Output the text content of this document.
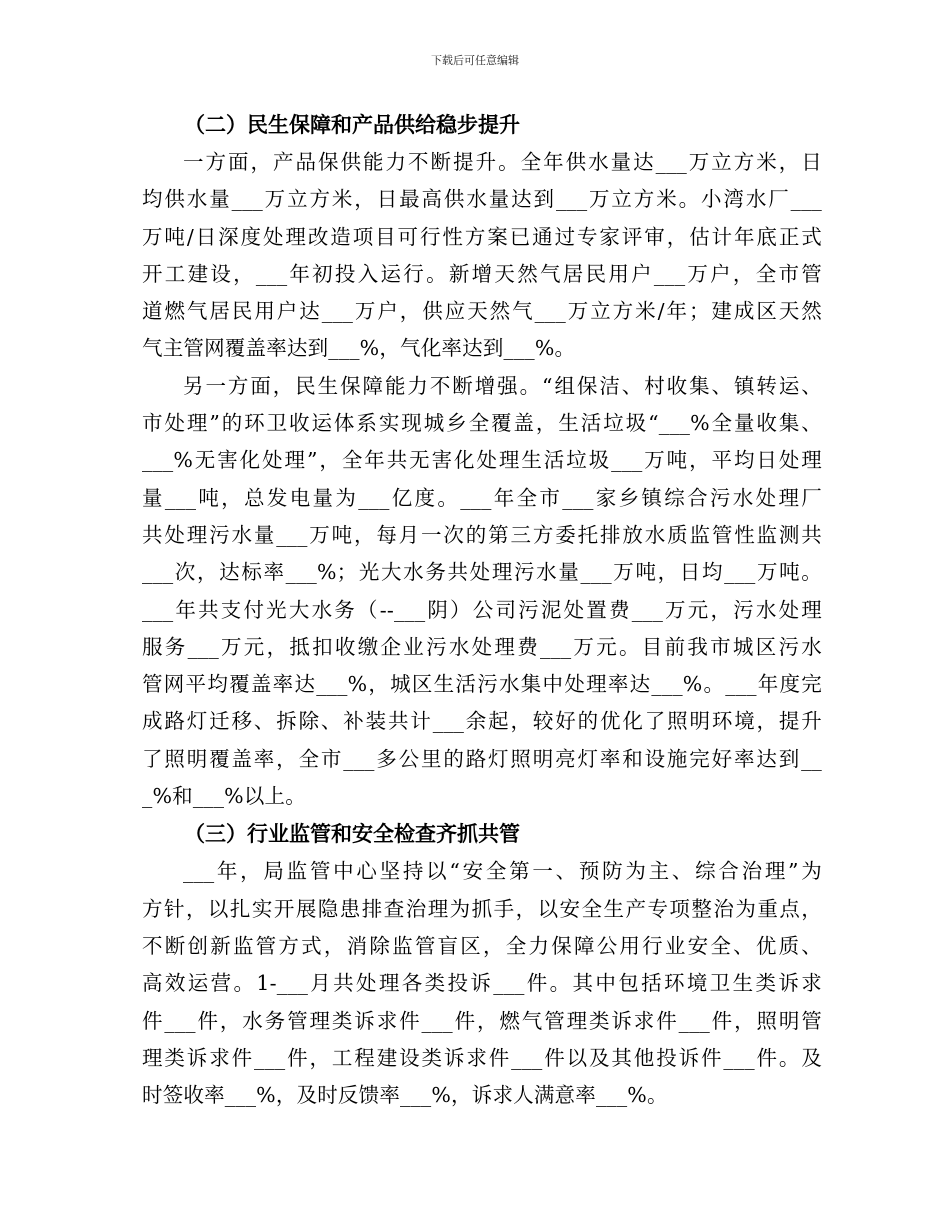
下载后可任意编辑

（二）民生保障和产品供给稳步提升

一方面，产品保供能力不断提升。全年供水量达___万立方米，日
均供水量___万立方米，日最高供水量达到___万立方米。小湾水厂___
万吨/日深度处理改造项目可行性方案已通过专家评审，估计年底正式
开工建设，___年初投入运行。新增天然气居民用户___万户，全市管
道燃气居民用户达___万户，供应天然气___万立方米/年；建成区天然
气主管网覆盖率达到___%，气化率达到___%。

另一方面，民生保障能力不断增强。“组保洁、村收集、镇转运、
市处理”的环卫收运体系实现城乡全覆盖，生活垃圾“___%全量收集、
___%无害化处理”，全年共无害化处理生活垃圾___万吨，平均日处理
量___吨，总发电量为___亿度。___年全市___家乡镇综合污水处理厂
共处理污水量___万吨，每月一次的第三方委托排放水质监管性监测共
___次，达标率___%；光大水务共处理污水量___万吨，日均___万吨。
___年共支付光大水务（--___阴）公司污泥处置费___万元，污水处理
服务___万元，抵扣收缴企业污水处理费___万元。目前我市城区污水
管网平均覆盖率达___%，城区生活污水集中处理率达___%。___年度完
成路灯迁移、拆除、补装共计___余起，较好的优化了照明环境，提升
了照明覆盖率，全市___多公里的路灯照明亮灯率和设施完好率达到__
_%和___%以上。

（三）行业监管和安全检查齐抓共管

___年，局监管中心坚持以“安全第一、预防为主、综合治理”为
方针，以扎实开展隐患排查治理为抓手，以安全生产专项整治为重点，
不断创新监管方式，消除监管盲区，全力保障公用行业安全、优质、
高效运营。1-___月共处理各类投诉___件。其中包括环境卫生类诉求
件___件，水务管理类诉求件___件，燃气管理类诉求件___件，照明管
理类诉求件___件，工程建设类诉求件___件以及其他投诉件___件。及
时签收率___%，及时反馈率___%，诉求人满意率___%。
